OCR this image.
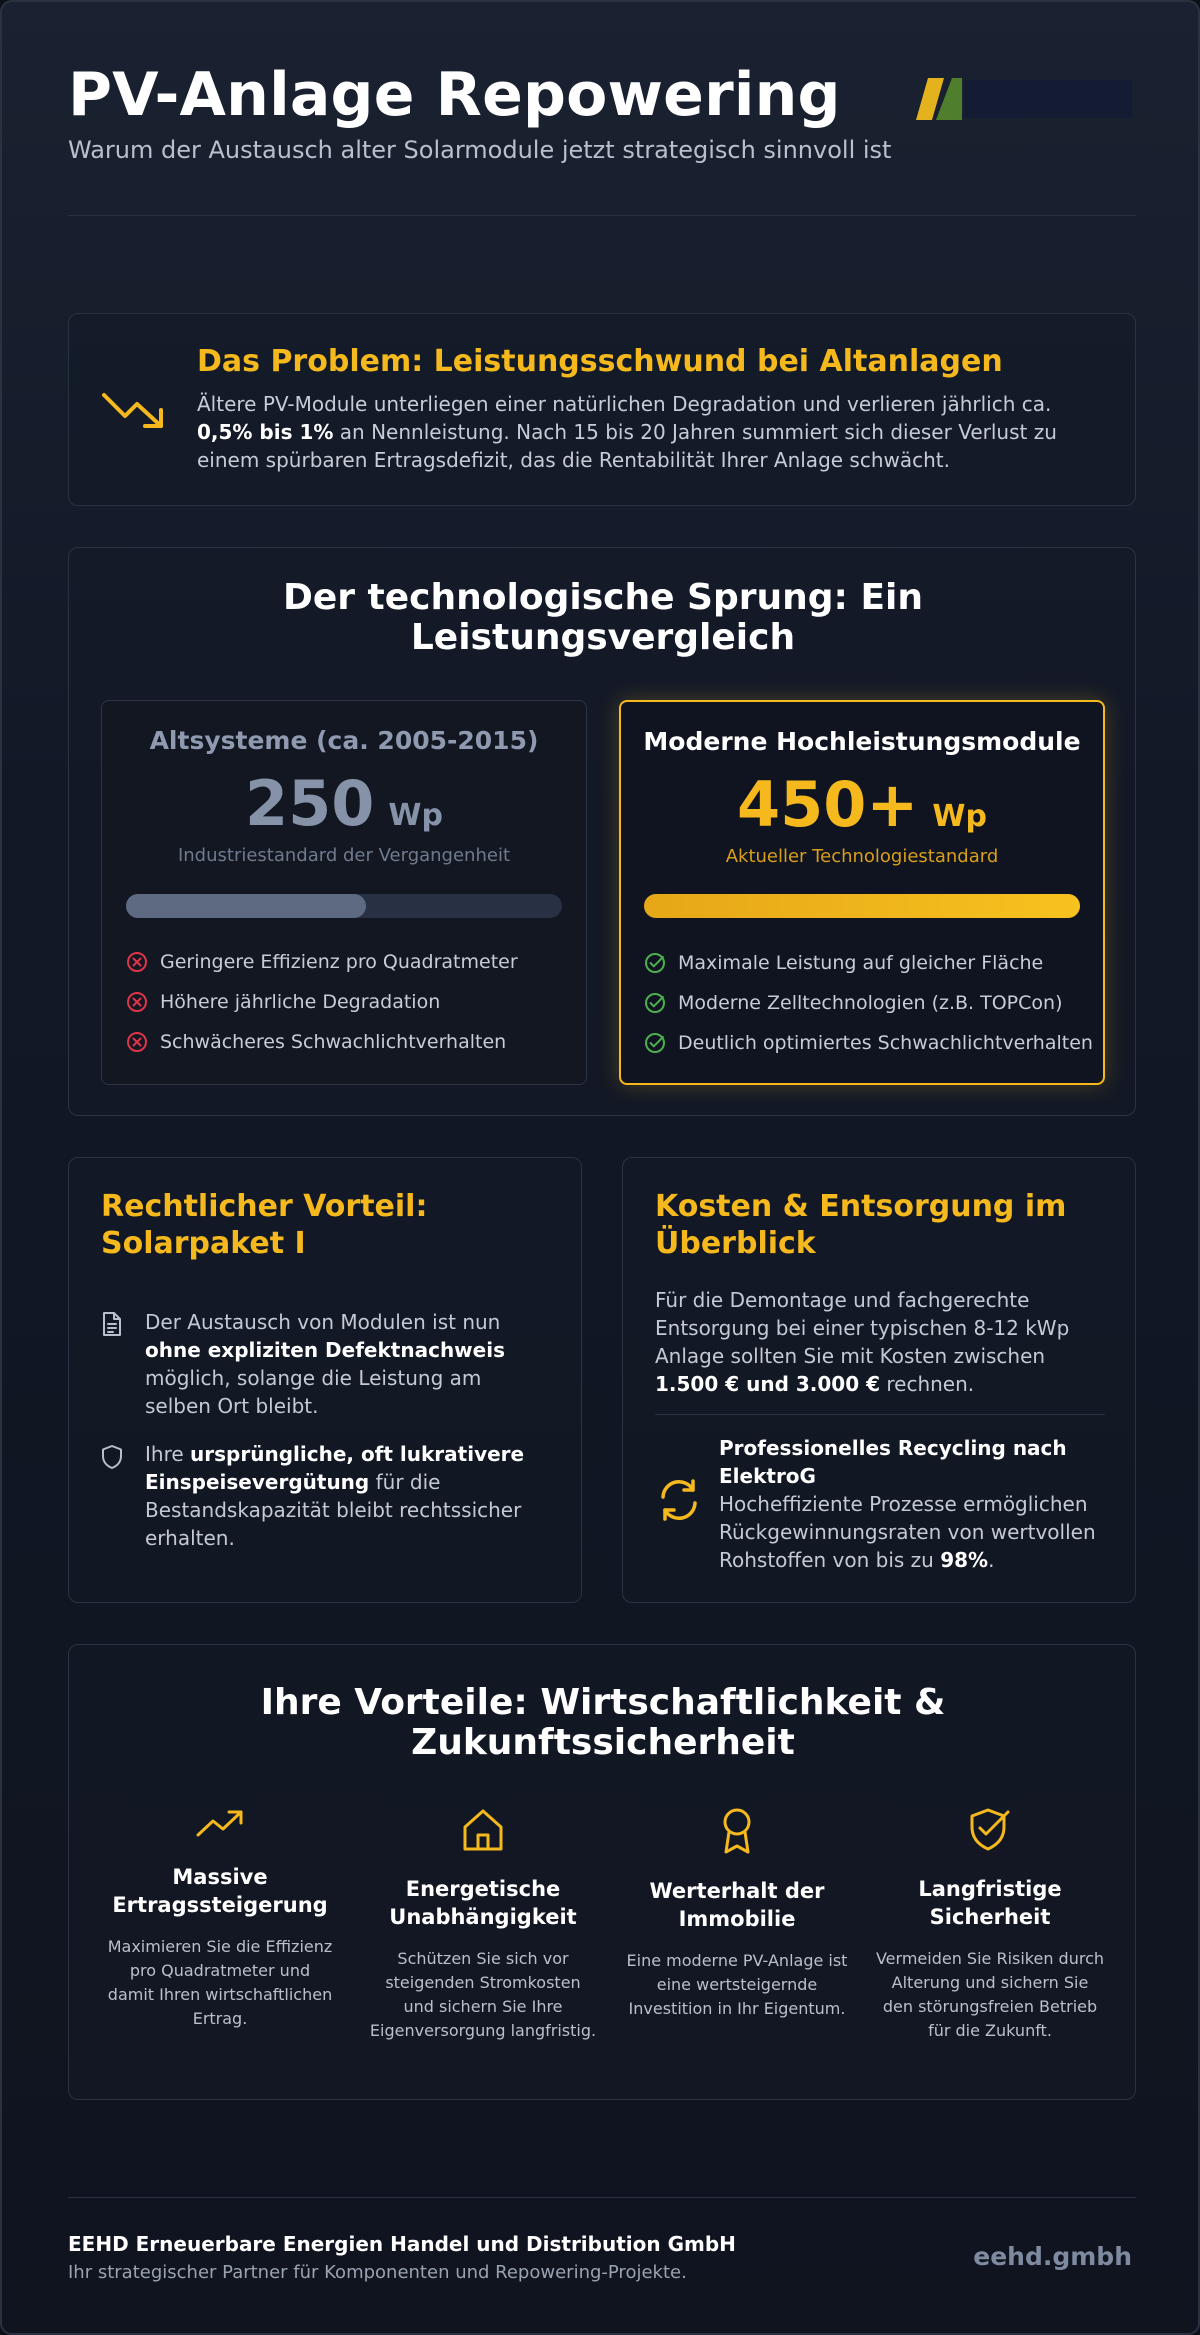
PV-Anlage Repowering
Warum der Austausch alter Solarmodule jetzt strategisch sinnvoll ist
Das Problem: Leistungsschwund bei Altanlagen
Ältere PV-Module unterliegen einer natürlichen Degradation und verlieren jährlich ca. 0,5% bis 1% an Nennleistung. Nach 15 bis 20 Jahren summiert sich dieser Verlust zu einem spürbaren Ertragsdefizit, das die Rentabilität Ihrer Anlage schwächt.
Der technologische Sprung: Ein Leistungsvergleich
Altsysteme (ca. 2005-2015)
250 Wp
Industriestandard der Vergangenheit
Geringere Effizienz pro Quadratmeter
Höhere jährliche Degradation
Schwächeres Schwachlichtverhalten
Moderne Hochleistungsmodule
450+ Wp
Aktueller Technologiestandard
Maximale Leistung auf gleicher Fläche
Moderne Zelltechnologien (z.B. TOPCon)
Deutlich optimiertes Schwachlichtverhalten
Rechtlicher Vorteil: Solarpaket I
Der Austausch von Modulen ist nun ohne expliziten Defektnachweis möglich, solange die Leistung am selben Ort bleibt.
Ihre ursprüngliche, oft lukrativere Einspeisevergütung für die Bestandskapazität bleibt rechtssicher erhalten.
Kosten & Entsorgung im Überblick
Für die Demontage und fachgerechte Entsorgung bei einer typischen 8-12 kWp Anlage sollten Sie mit Kosten zwischen 1.500 € und 3.000 € rechnen.
Professionelles Recycling nach ElektroG
Hocheffiziente Prozesse ermöglichen Rückgewinnungsraten von wertvollen Rohstoffen von bis zu 98%.
Ihre Vorteile: Wirtschaftlichkeit & Zukunftssicherheit
Massive Ertragssteigerung
Maximieren Sie die Effizienz pro Quadratmeter und damit Ihren wirtschaftlichen Ertrag.
Energetische Unabhängigkeit
Schützen Sie sich vor steigenden Stromkosten und sichern Sie Ihre Eigenversorgung langfristig.
Werterhalt der Immobilie
Eine moderne PV-Anlage ist eine wertsteigernde Investition in Ihr Eigentum.
Langfristige Sicherheit
Vermeiden Sie Risiken durch Alterung und sichern Sie den störungsfreien Betrieb für die Zukunft.
EEHD Erneuerbare Energien Handel und Distribution GmbH
Ihr strategischer Partner für Komponenten und Repowering-Projekte.
eehd.gmbh
